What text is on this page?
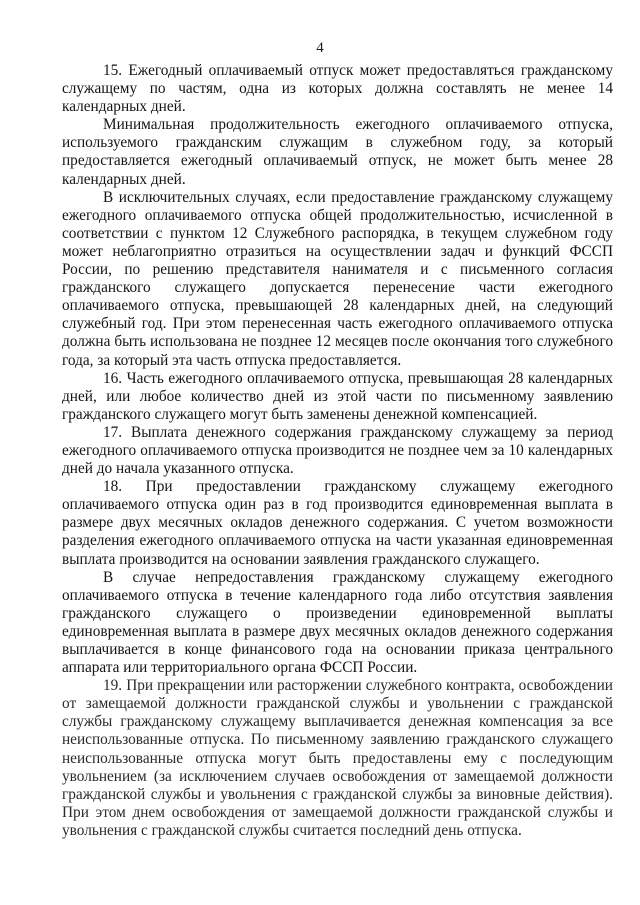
4

15. Ежегодный оплачиваемый отпуск может предоставляться гражданскому служащему по частям, одна из которых должна составлять не менее 14 календарных дней.

Минимальная продолжительность ежегодного оплачиваемого отпуска, используемого гражданским служащим в служебном году, за который предоставляется ежегодный оплачиваемый отпуск, не может быть менее 28 календарных дней.

В исключительных случаях, если предоставление гражданскому служащему ежегодного оплачиваемого отпуска общей продолжительностью, исчисленной в соответствии с пунктом 12 Служебного распорядка, в текущем служебном году может неблагоприятно отразиться на осуществлении задач и функций ФССП России, по решению представителя нанимателя и с письменного согласия гражданского служащего допускается перенесение части ежегодного оплачиваемого отпуска, превышающей 28 календарных дней, на следующий служебный год. При этом перенесенная часть ежегодного оплачиваемого отпуска должна быть использована не позднее 12 месяцев после окончания того служебного года, за который эта часть отпуска предоставляется.

16. Часть ежегодного оплачиваемого отпуска, превышающая 28 календарных дней, или любое количество дней из этой части по письменному заявлению гражданского служащего могут быть заменены денежной компенсацией.

17. Выплата денежного содержания гражданскому служащему за период ежегодного оплачиваемого отпуска производится не позднее чем за 10 календарных дней до начала указанного отпуска.

18. При предоставлении гражданскому служащему ежегодного оплачиваемого отпуска один раз в год производится единовременная выплата в размере двух месячных окладов денежного содержания. С учетом возможности разделения ежегодного оплачиваемого отпуска на части указанная единовременная выплата производится на основании заявления гражданского служащего.

В случае непредоставления гражданскому служащему ежегодного оплачиваемого отпуска в течение календарного года либо отсутствия заявления гражданского служащего о произведении единовременной выплаты единовременная выплата в размере двух месячных окладов денежного содержания выплачивается в конце финансового года на основании приказа центрального аппарата или территориального органа ФССП России.

19. При прекращении или расторжении служебного контракта, освобождении от замещаемой должности гражданской службы и увольнении с гражданской службы гражданскому служащему выплачивается денежная компенсация за все неиспользованные отпуска. По письменному заявлению гражданского служащего неиспользованные отпуска могут быть предоставлены ему с последующим увольнением (за исключением случаев освобождения от замещаемой должности гражданской службы и увольнения с гражданской службы за виновные действия). При этом днем освобождения от замещаемой должности гражданской службы и увольнения с гражданской службы считается последний день отпуска.
